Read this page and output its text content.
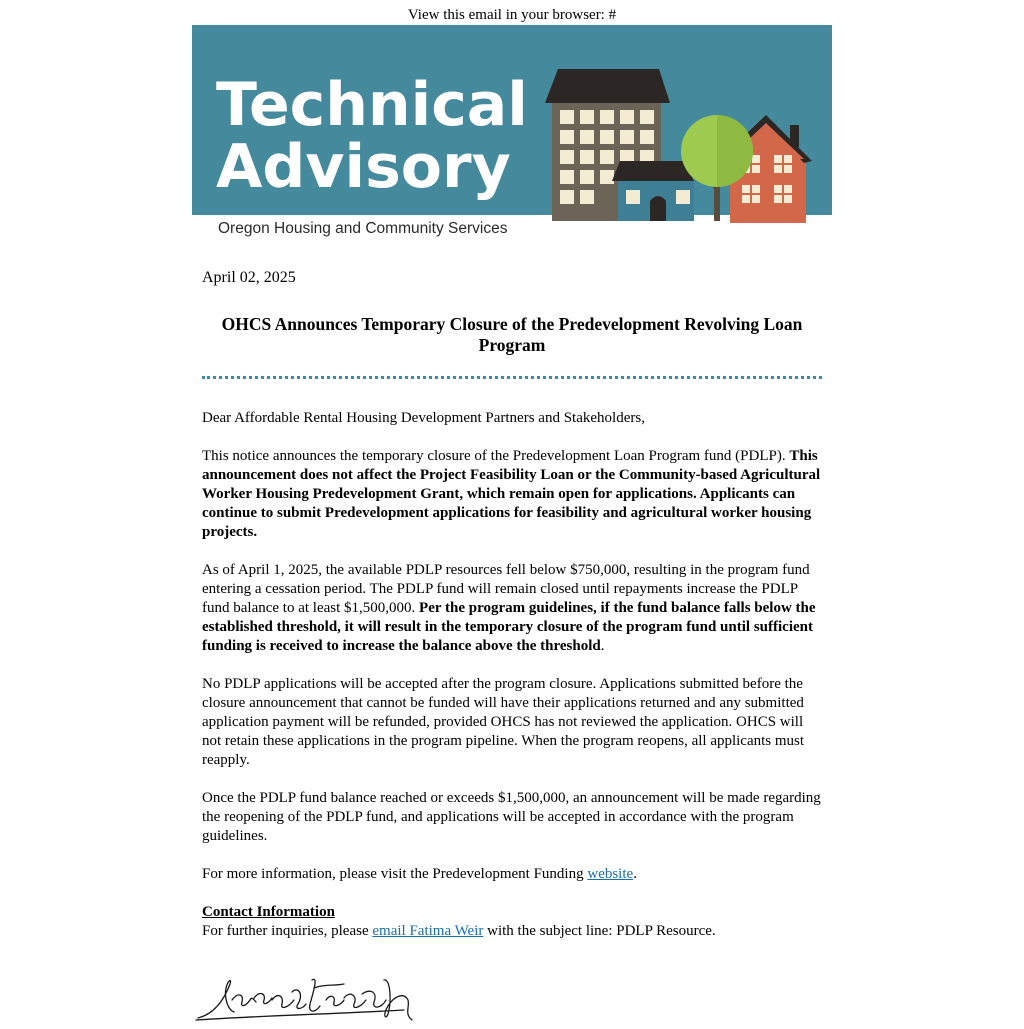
View this email in your browser: #
Technical
Advisory
Oregon Housing and Community Services

April 02, 2025

OHCS Announces Temporary Closure of the Predevelopment Revolving Loan Program

Dear Affordable Rental Housing Development Partners and Stakeholders,

This notice announces the temporary closure of the Predevelopment Loan Program fund (PDLP). This announcement does not affect the Project Feasibility Loan or the Community-based Agricultural Worker Housing Predevelopment Grant, which remain open for applications. Applicants can continue to submit Predevelopment applications for feasibility and agricultural worker housing projects.

As of April 1, 2025, the available PDLP resources fell below $750,000, resulting in the program fund entering a cessation period. The PDLP fund will remain closed until repayments increase the PDLP fund balance to at least $1,500,000. Per the program guidelines, if the fund balance falls below the established threshold, it will result in the temporary closure of the program fund until sufficient funding is received to increase the balance above the threshold.

No PDLP applications will be accepted after the program closure. Applications submitted before the closure announcement that cannot be funded will have their applications returned and any submitted application payment will be refunded, provided OHCS has not reviewed the application. OHCS will not retain these applications in the program pipeline. When the program reopens, all applicants must reapply.

Once the PDLP fund balance reached or exceeds $1,500,000, an announcement will be made regarding the reopening of the PDLP fund, and applications will be accepted in accordance with the program guidelines.

For more information, please visit the Predevelopment Funding website.

Contact Information
For further inquiries, please email Fatima Weir with the subject line: PDLP Resource.
